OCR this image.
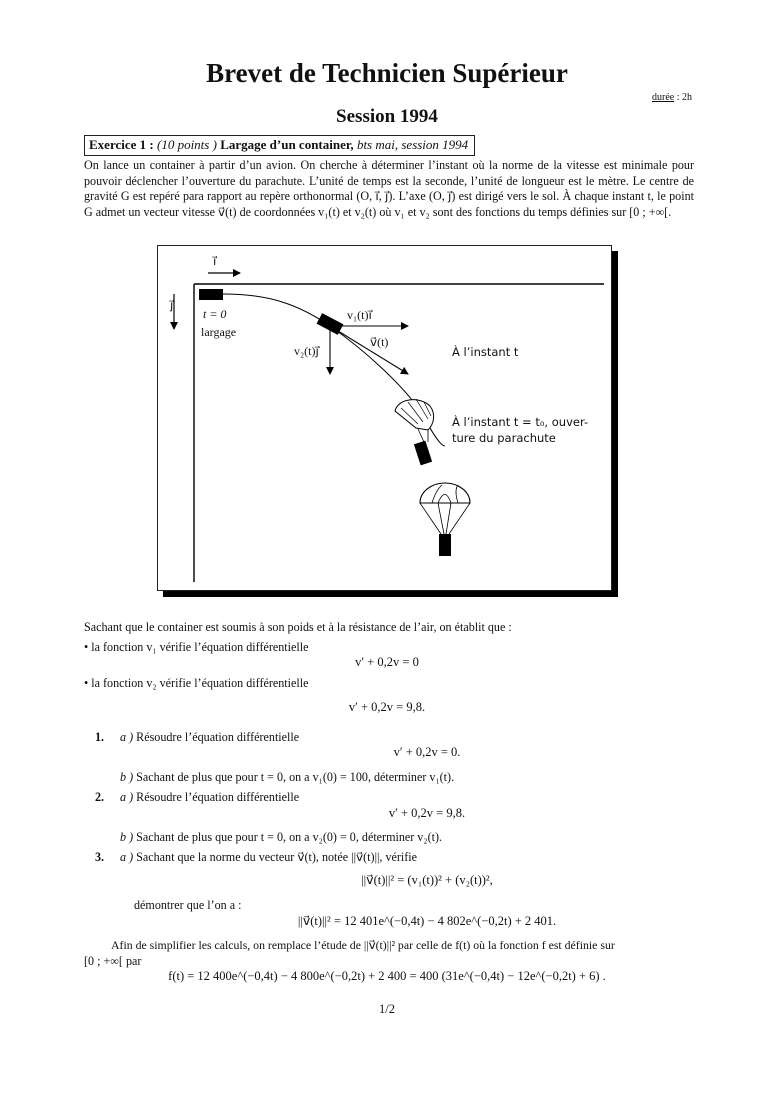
Brevet de Technicien Supérieur
durée : 2h
Session 1994
Exercice 1 : (10 points ) Largage d’un container, bts mai, session 1994
On lance un container à partir d’un avion. On cherche à déterminer l’instant où la norme de la vitesse est minimale pour pouvoir déclencher l’ouverture du parachute. L’unité de temps est la seconde, l’unité de longueur est le mètre. Le centre de gravité G est repéré para rapport au repère orthonormal (O, i⃗, j⃗). L’axe (O, j⃗) est dirigé vers le sol. À chaque instant t, le point G admet un vecteur vitesse v⃗(t) de coordonnées v₁(t) et v₂(t) où v₁ et v₂ sont des fonctions du temps définies sur [0 ; +∞[.
i⃗
j⃗
t = 0
largage
v₁(t)i⃗
v⃗(t)
v₂(t)j⃗	À l’instant t
À l’instant t = t₀, ouver-
ture du parachute
Sachant que le container est soumis à son poids et à la résistance de l’air, on établit que :
• la fonction v₁ vérifie l’équation différentielle
v′ + 0,2v = 0
• la fonction v₂ vérifie l’équation différentielle
v′ + 0,2v = 9,8.
1. a ) Résoudre l’équation différentielle
v′ + 0,2v = 0.
b ) Sachant de plus que pour t = 0, on a v₁(0) = 100, déterminer v₁(t).
2. a ) Résoudre l’équation différentielle
v′ + 0,2v = 9,8.
b ) Sachant de plus que pour t = 0, on a v₂(0) = 0, déterminer v₂(t).
3. a ) Sachant que la norme du vecteur v⃗(t), notée ||v⃗(t)||, vérifie
||v⃗(t)||² = (v₁(t))² + (v₂(t))²,
démontrer que l’on a :
||v⃗(t)||² = 12 401e^(−0,4t) − 4 802e^(−0,2t) + 2 401.
Afin de simplifier les calculs, on remplace l’étude de ||v⃗(t)||² par celle de f(t) où la fonction f est définie sur
[0 ; +∞[ par
f(t) = 12 400e^(−0,4t) − 4 800e^(−0,2t) + 2 400 = 400 (31e^(−0,4t) − 12e^(−0,2t) + 6) .
1/2
